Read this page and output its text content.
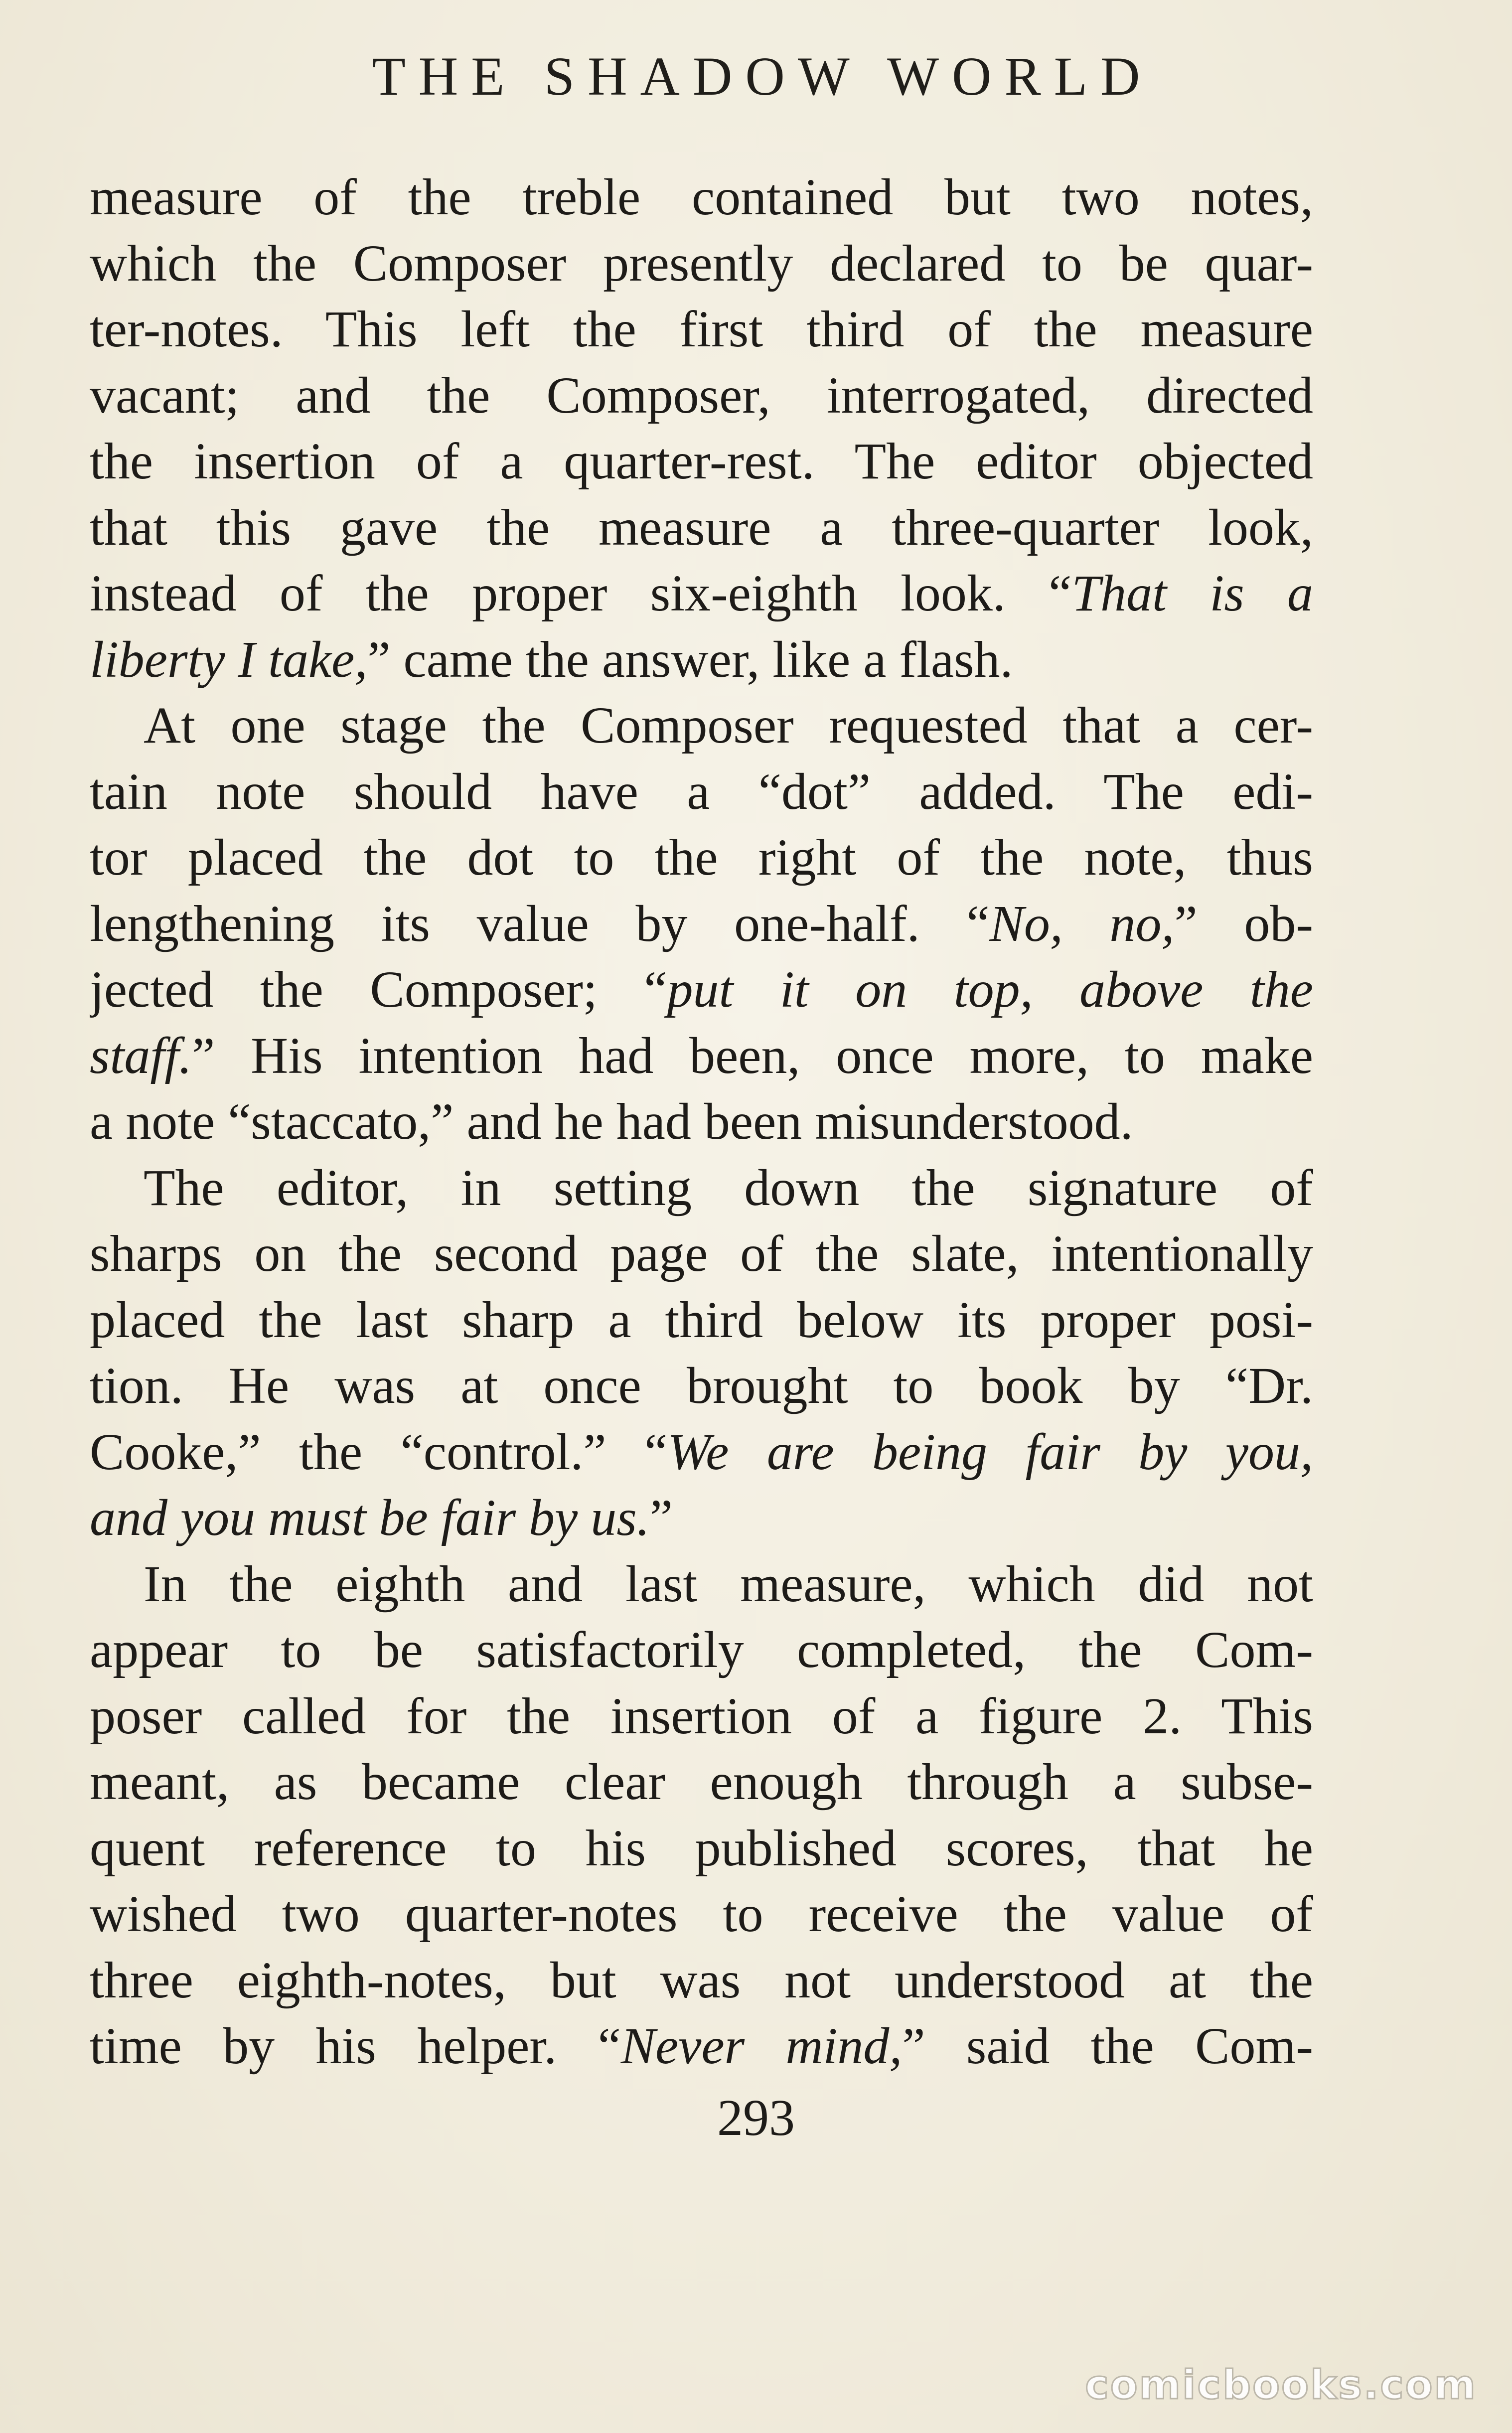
THE SHADOW WORLD
measure of the treble contained but two notes,
which the Composer presently declared to be quar-
ter-notes. This left the first third of the measure
vacant; and the Composer, interrogated, directed
the insertion of a quarter-rest. The editor objected
that this gave the measure a three-quarter look,
instead of the proper six-eighth look. “That is a
liberty I take,” came the answer, like a flash.
At one stage the Composer requested that a cer-
tain note should have a “dot” added. The edi-
tor placed the dot to the right of the note, thus
lengthening its value by one-half. “No, no,” ob-
jected the Composer; “put it on top, above the
staff.” His intention had been, once more, to make
a note “staccato,” and he had been misunderstood.
The editor, in setting down the signature of
sharps on the second page of the slate, intentionally
placed the last sharp a third below its proper posi-
tion. He was at once brought to book by “Dr.
Cooke,” the “control.” “We are being fair by you,
and you must be fair by us.”
In the eighth and last measure, which did not
appear to be satisfactorily completed, the Com-
poser called for the insertion of a figure 2. This
meant, as became clear enough through a subse-
quent reference to his published scores, that he
wished two quarter-notes to receive the value of
three eighth-notes, but was not understood at the
time by his helper. “Never mind,” said the Com-
293
comicbooks.com
